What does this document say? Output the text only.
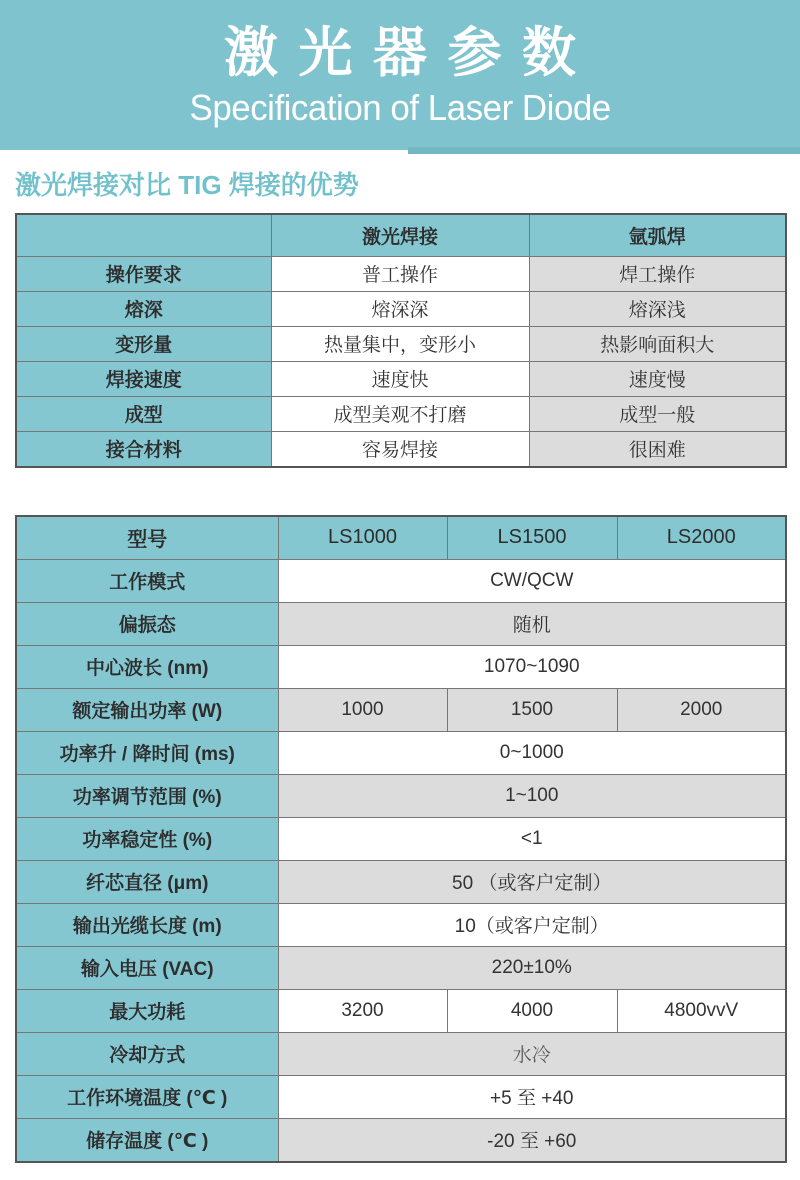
激光器参数
Specification of Laser Diode
激光焊接对比 TIG 焊接的优势
	激光焊接	氩弧焊
操作要求	普工操作	焊工操作
熔深	熔深深	熔深浅
变形量	热量集中，变形小	热影响面积大
焊接速度	速度快	速度慢
成型	成型美观不打磨	成型一般
接合材料	容易焊接	很困难
型号	LS1000	LS1500	LS2000
工作模式	CW/QCW		
偏振态	随机		
中心波长 (nm)	1070~1090		
额定输出功率 (W)	1000	1500	2000
功率升 / 降时间 (ms)	0~1000		
功率调节范围 (%)	1~100		
功率稳定性 (%)	<1		
纤芯直径 (μm)	50 （或客户定制）		
输出光缆长度 (m)	10（或客户定制）		
输入电压 (VAC)	220±10%		
最大功耗	3200	4000	4800vvV
冷却方式	水冷		
工作环境温度 (℃ )	+5 至 +40		
储存温度 (℃ )	-20 至 +60		
